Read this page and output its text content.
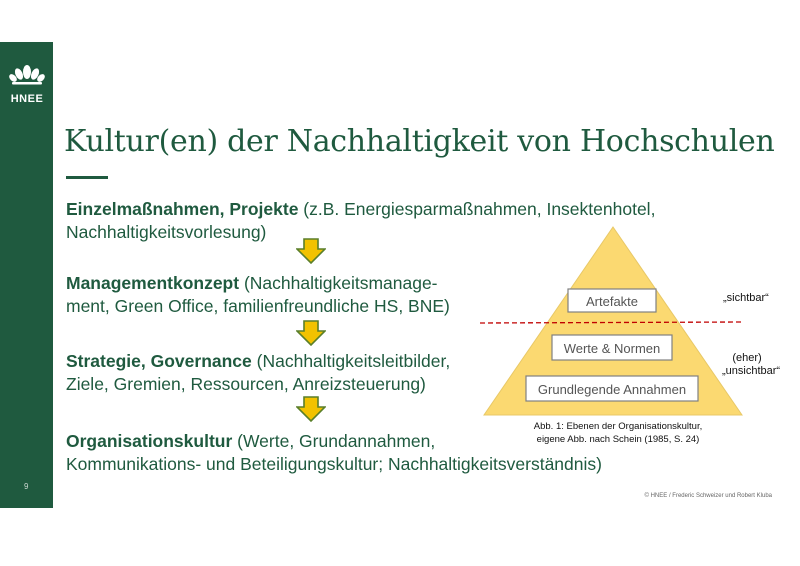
HNEE
9
Kultur(en) der Nachhaltigkeit von Hochschulen
Einzelmaßnahmen, Projekte (z.B. Energiesparmaßnahmen, Insektenhotel,
Nachhaltigkeitsvorlesung)
Managementkonzept (Nachhaltigkeitsmanage-
ment, Green Office, familienfreundliche HS, BNE)
Strategie, Governance (Nachhaltigkeitsleitbilder,
Ziele, Gremien, Ressourcen, Anreizsteuerung)
Organisationskultur (Werte, Grundannahmen,
Kommunikations- und Beteiligungskultur; Nachhaltigkeitsverständnis)
Artefakte
Werte & Normen
Grundlegende Annahmen
„sichtbar“
(eher)
„unsichtbar“
Abb. 1: Ebenen der Organisationskultur,
eigene Abb. nach Schein (1985, S. 24)
© HNEE / Frederic Schweizer und Robert Kluba
